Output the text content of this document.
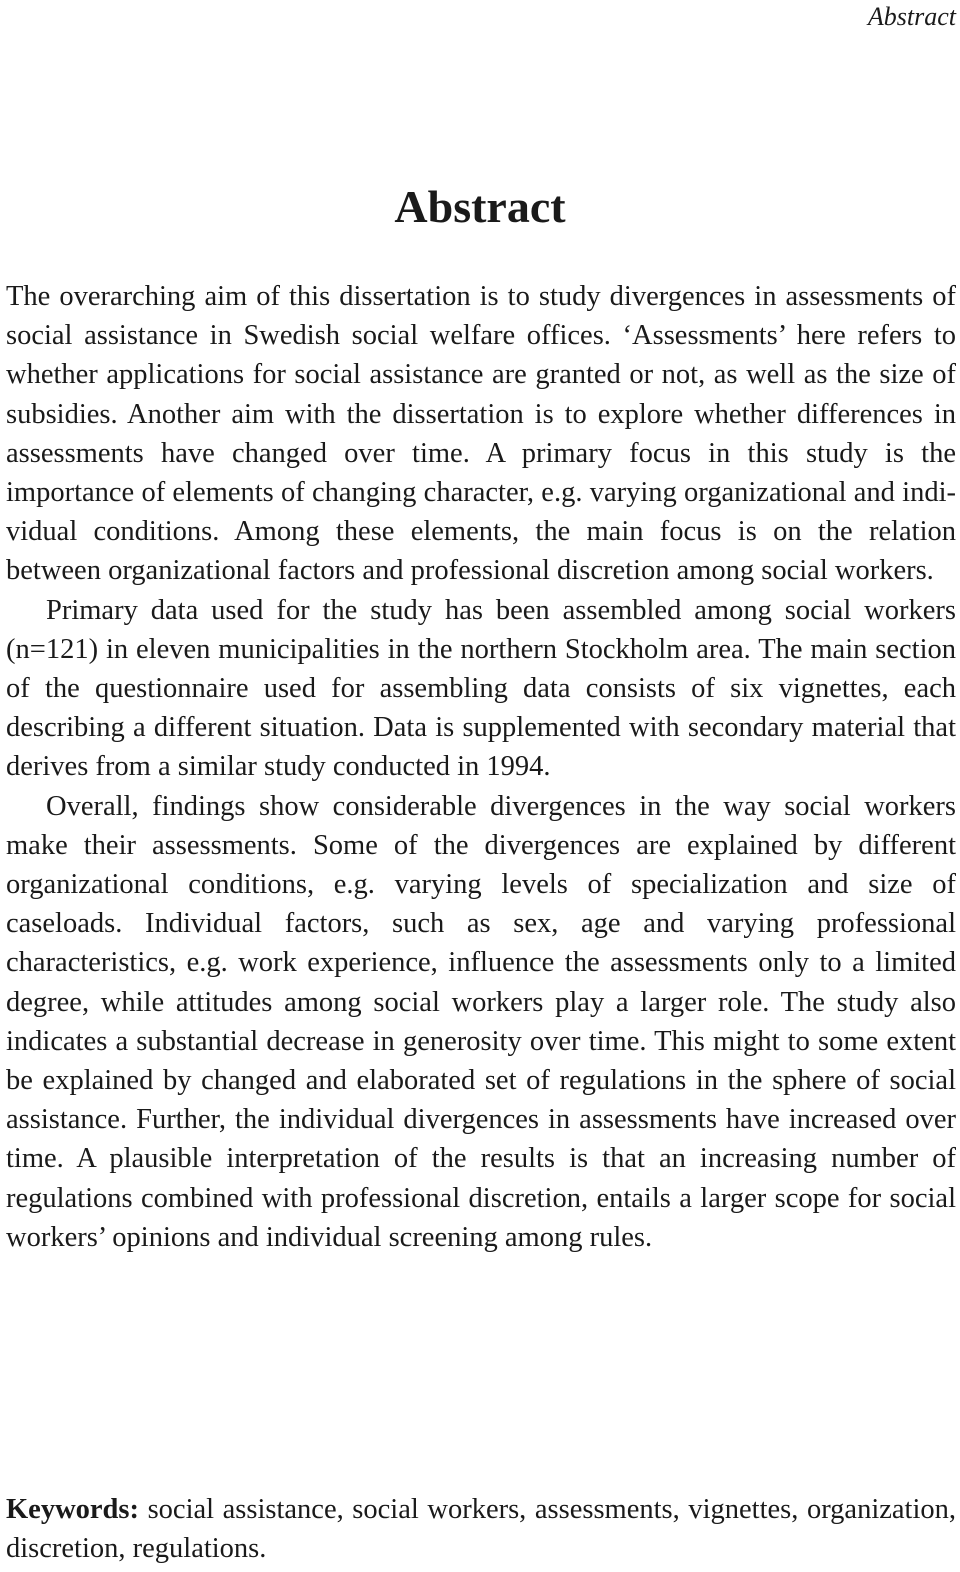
Abstract
Abstract

The overarching aim of this dissertation is to study divergences in assessments of social assistance in Swedish social welfare offices. ‘Assessments’ here refers to whether applications for social assistance are granted or not, as well as the size of subsidies. Another aim with the dissertation is to explore whether differences in assessments have changed over time. A primary focus in this study is the importance of elements of changing character, e.g. varying organizational and individual conditions. Among these elements, the main focus is on the relation between organizational factors and professional discretion among social workers.

Primary data used for the study has been assembled among social workers (n=121) in eleven municipalities in the northern Stockholm area. The main section of the questionnaire used for assembling data consists of six vignettes, each describing a different situation. Data is supplemented with secondary material that derives from a similar study conducted in 1994.

Overall, findings show considerable divergences in the way social workers make their assessments. Some of the divergences are explained by different organizational conditions, e.g. varying levels of specialization and size of caseloads. Individual factors, such as sex, age and varying professional characteristics, e.g. work experience, influence the assessments only to a limited degree, while attitudes among social workers play a larger role. The study also indicates a substantial decrease in generosity over time. This might to some extent be explained by changed and elaborated set of regulations in the sphere of social assistance. Further, the individual divergences in assessments have increased over time. A plausible interpretation of the results is that an increasing number of regulations combined with professional discretion, entails a larger scope for social workers’ opinions and individual screening among rules.

Keywords: social assistance, social workers, assessments, vignettes, organization, discretion, regulations.
